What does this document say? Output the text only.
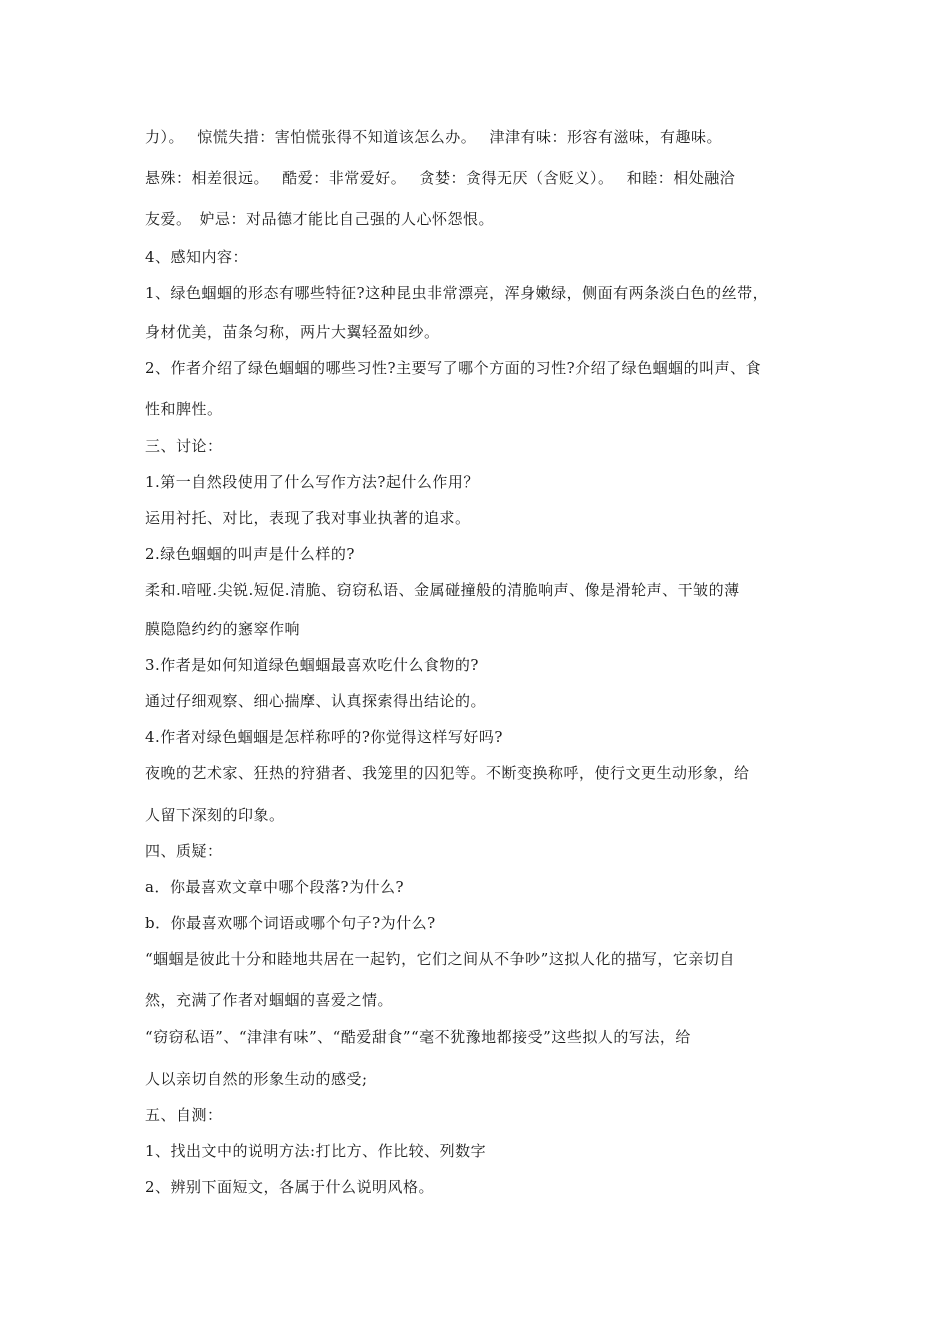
力）。　 惊慌失措：害怕慌张得不知道该怎么办。　 津津有味：形容有滋味，有趣味。
悬殊：相差很远。　 酷爱：非常爱好。　 贪婪：贪得无厌（含贬义）。　 和睦：相处融洽
友爱。　妒忌：对品德才能比自己强的人心怀怨恨。
4、感知内容：
1、绿色蝈蝈的形态有哪些特征?这种昆虫非常漂亮，浑身嫩绿，侧面有两条淡白色的丝带，
身材优美，苗条匀称，两片大翼轻盈如纱。
2、作者介绍了绿色蝈蝈的哪些习性?主要写了哪个方面的习性?介绍了绿色蝈蝈的叫声、食
性和脾性。
三、讨论：
1.第一自然段使用了什么写作方法?起什么作用？
运用衬托、对比，表现了我对事业执著的追求。
2.绿色蝈蝈的叫声是什么样的?
柔和.喑哑.尖锐.短促.清脆、窃窃私语、金属碰撞般的清脆响声、像是滑轮声、干皱的薄
膜隐隐约约的窸窣作响
3.作者是如何知道绿色蝈蝈最喜欢吃什么食物的?
通过仔细观察、细心揣摩、认真探索得出结论的。
4.作者对绿色蝈蝈是怎样称呼的?你觉得这样写好吗?
夜晚的艺术家、狂热的狩猎者、我笼里的囚犯等。不断变换称呼，使行文更生动形象，给
人留下深刻的印象。
四、质疑：
a．你最喜欢文章中哪个段落?为什么?
b．你最喜欢哪个词语或哪个句子?为什么?
“蝈蝈是彼此十分和睦地共居在一起钓，它们之间从不争吵”这拟人化的描写，它亲切自
然，充满了作者对蝈蝈的喜爱之情。
“窃窃私语”、“津津有味”、“酷爱甜食”“毫不犹豫地都接受”这些拟人的写法，给
人以亲切自然的形象生动的感受;
五、自测：
1、找出文中的说明方法:打比方、作比较、列数字
2、辨别下面短文，各属于什么说明风格。
